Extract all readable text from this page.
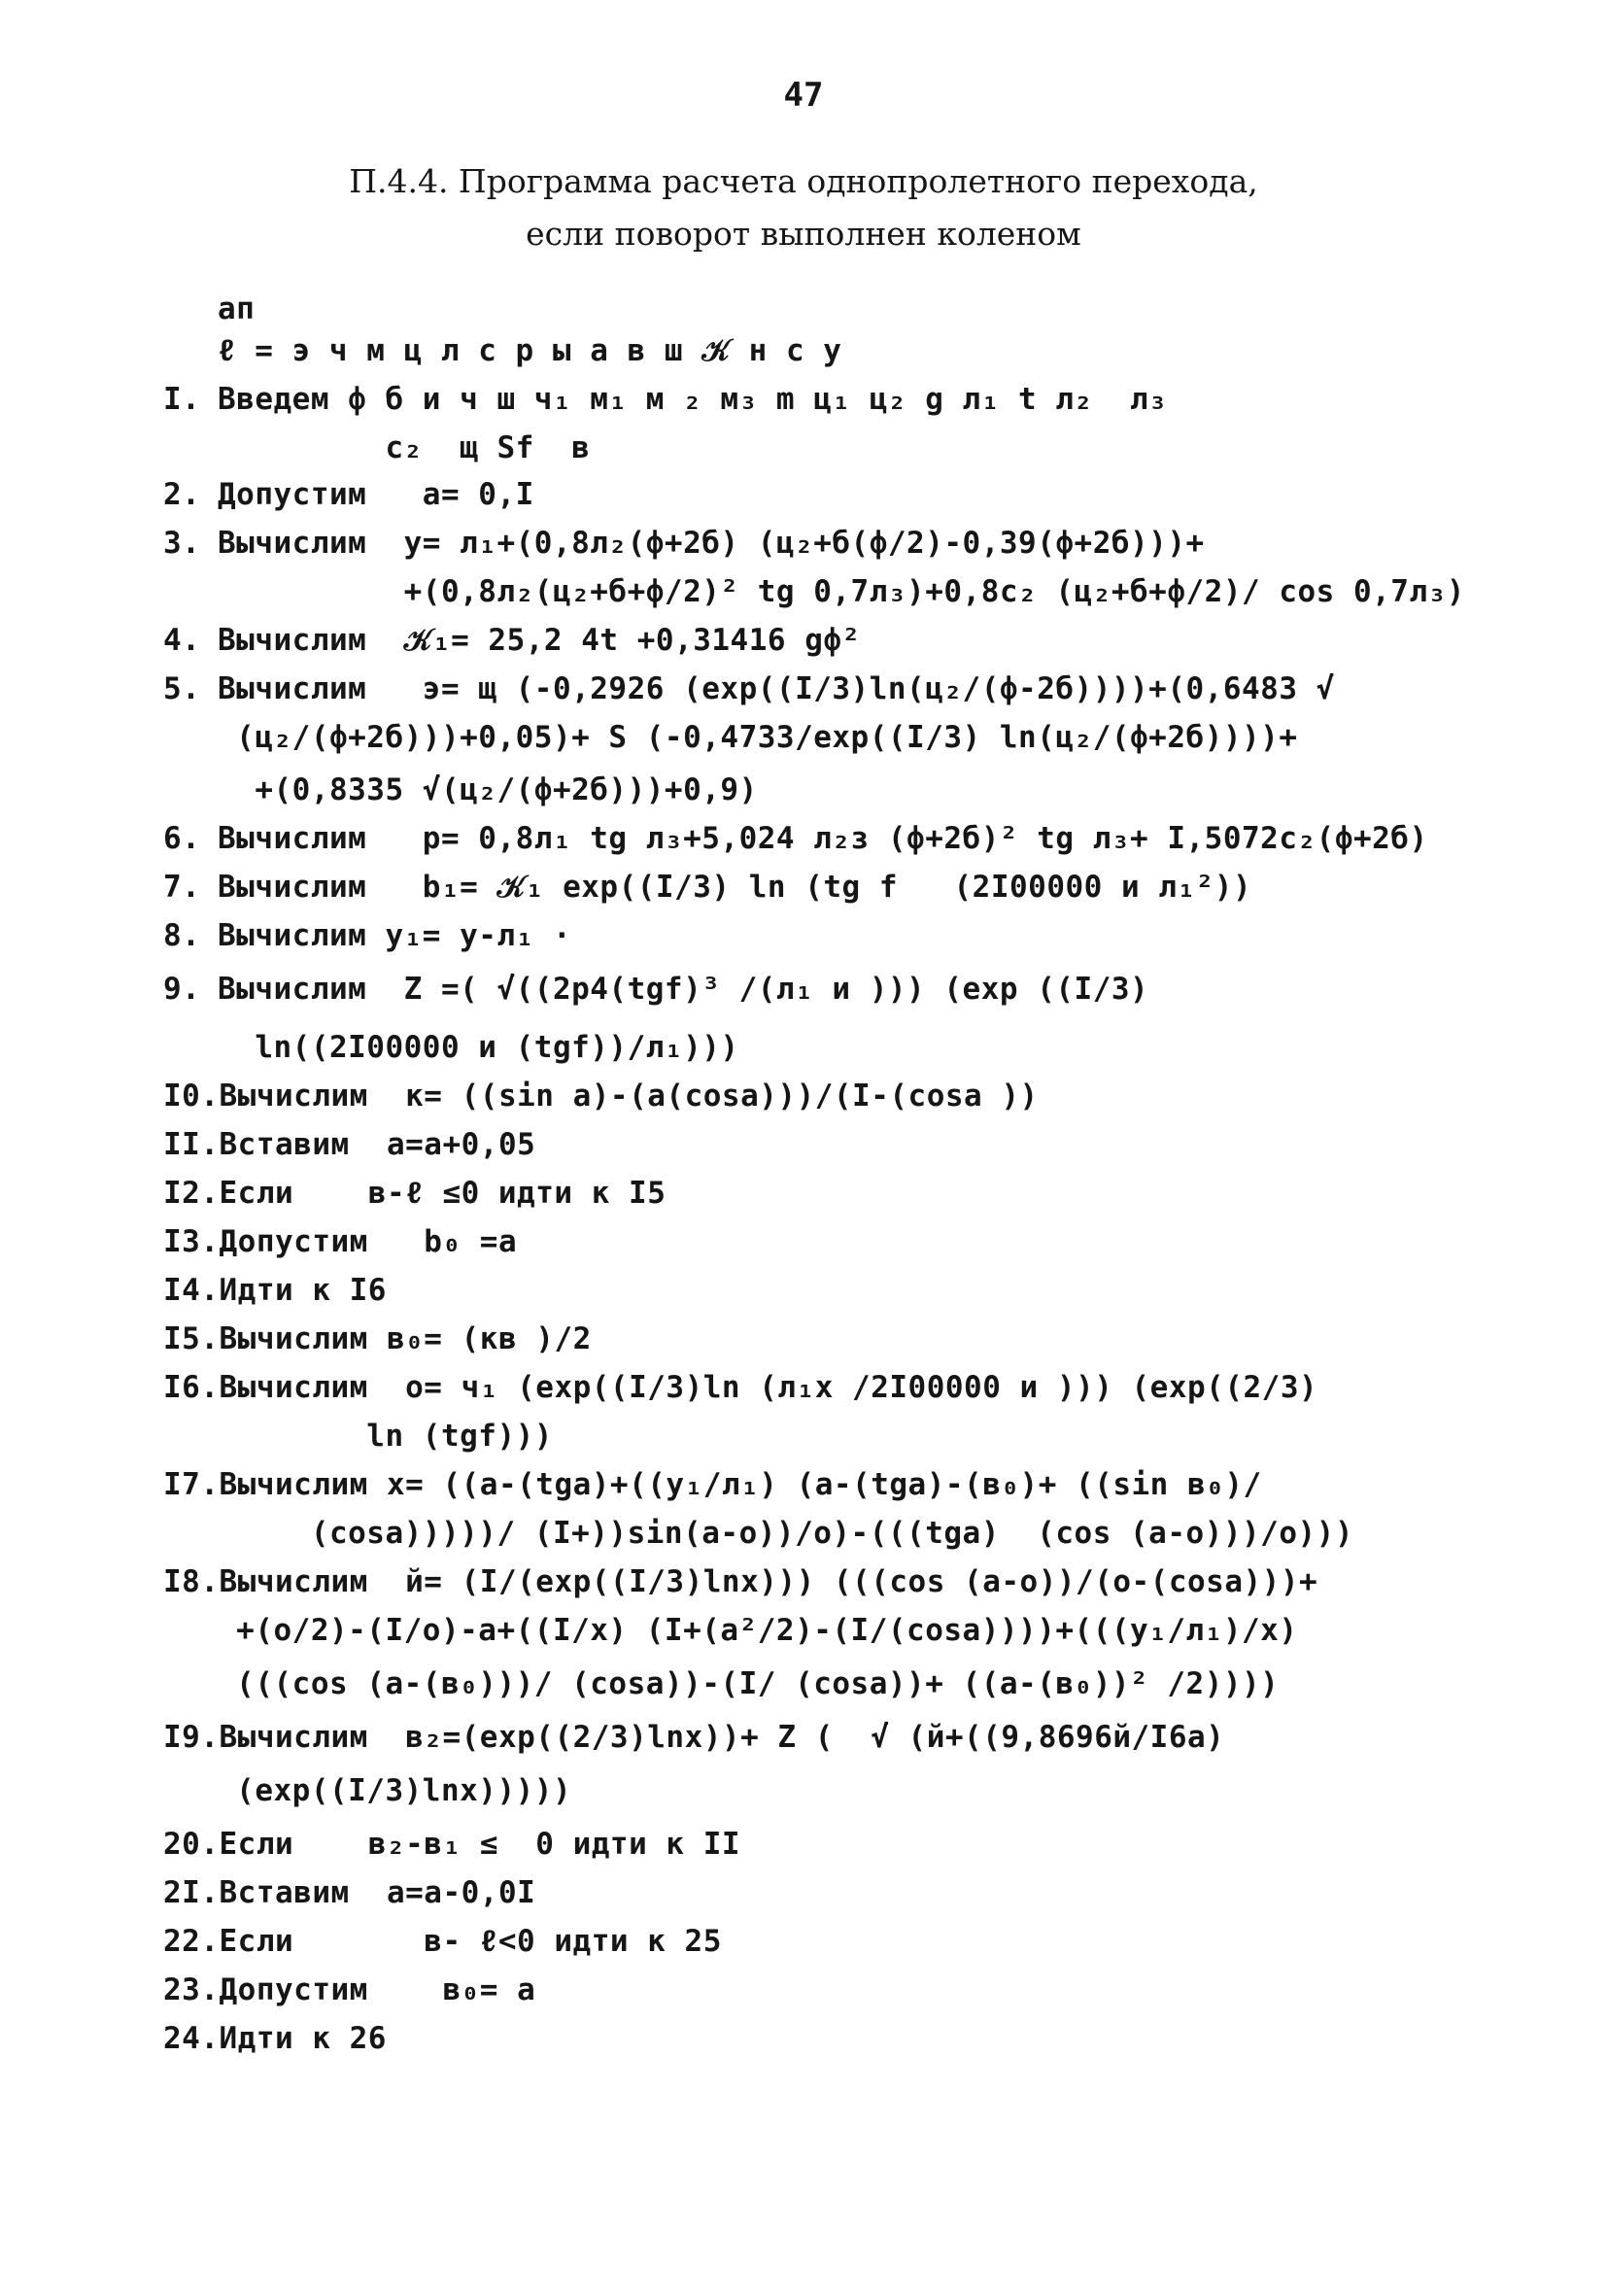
47
П.4.4. Программа расчета однопролетного перехода,
если поворот выполнен коленом
ап
ℓ = э ч м ц л с р ы а в ш 𝒦 н с у
I. Введем ф б и ч ш ч₁ м₁ м ₂ м₃ m ц₁ ц₂ g л₁ t л₂  л₃
с₂  щ Sf  в
2. Допустим   а= 0,I
3. Вычислим  у= л₁+(0,8л₂(ф+2б) (ц₂+б(ф/2)-0,39(ф+2б)))+
+(0,8л₂(ц₂+б+ф/2)² tg 0,7л₃)+0,8с₂ (ц₂+б+ф/2)/ cos 0,7л₃)
4. Вычислим  𝒦₁= 25,2 4t +0,31416 gф²
5. Вычислим   э= щ (-0,2926 (exp((I/3)ln(ц₂/(ф-2б))))+(0,6483 √
(ц₂/(ф+2б)))+0,05)+ S (-0,4733/exp((I/3) ln(ц₂/(ф+2б))))+
+(0,8335 √(ц₂/(ф+2б)))+0,9)
6. Вычислим   р= 0,8л₁ tg л₃+5,024 л₂з (ф+2б)² tg л₃+ I,5072с₂(ф+2б)
7. Вычислим   b₁= 𝒦₁ exp((I/3) ln (tg f   (2I00000 и л₁²))
8. Вычислим у₁= у-л₁ ·
9. Вычислим  Z =( √((2р4(tgf)³ /(л₁ и ))) (exp ((I/3)
ln((2I00000 и (tgf))/л₁)))
I0.Вычислим  к= ((sin а)-(а(cosа)))/(I-(cosа ))
II.Вставим  а=а+0,05
I2.Если    в-ℓ ≤0 идти к I5
I3.Допустим   b₀ =а
I4.Идти к I6
I5.Вычислим в₀= (кв )/2
I6.Вычислим  о= ч₁ (exp((I/3)ln (л₁х /2I00000 и ))) (exp((2/3)
ln (tgf)))
I7.Вычислим х= ((а-(tgа)+((у₁/л₁) (а-(tgа)-(в₀)+ ((sin в₀)/
(cosа)))))/ (I+))sin(а-о))/о)-(((tgа)  (cos (а-о)))/о)))
I8.Вычислим  й= (I/(exp((I/3)lnх))) (((cos (а-о))/(о-(cosа)))+
+(о/2)-(I/о)-а+((I/х) (I+(а²/2)-(I/(cosа))))+(((у₁/л₁)/х)
(((cos (а-(в₀)))/ (cosа))-(I/ (cosа))+ ((а-(в₀))² /2))))
I9.Вычислим  в₂=(exp((2/3)lnх))+ Z (  √ (й+((9,8696й/I6а)
(exp((I/3)lnх)))))
20.Если    в₂-в₁ ≤  0 идти к II
2I.Вставим  а=а-0,0I
22.Если       в- ℓ<0 идти к 25
23.Допустим    в₀= а
24.Идти к 26
